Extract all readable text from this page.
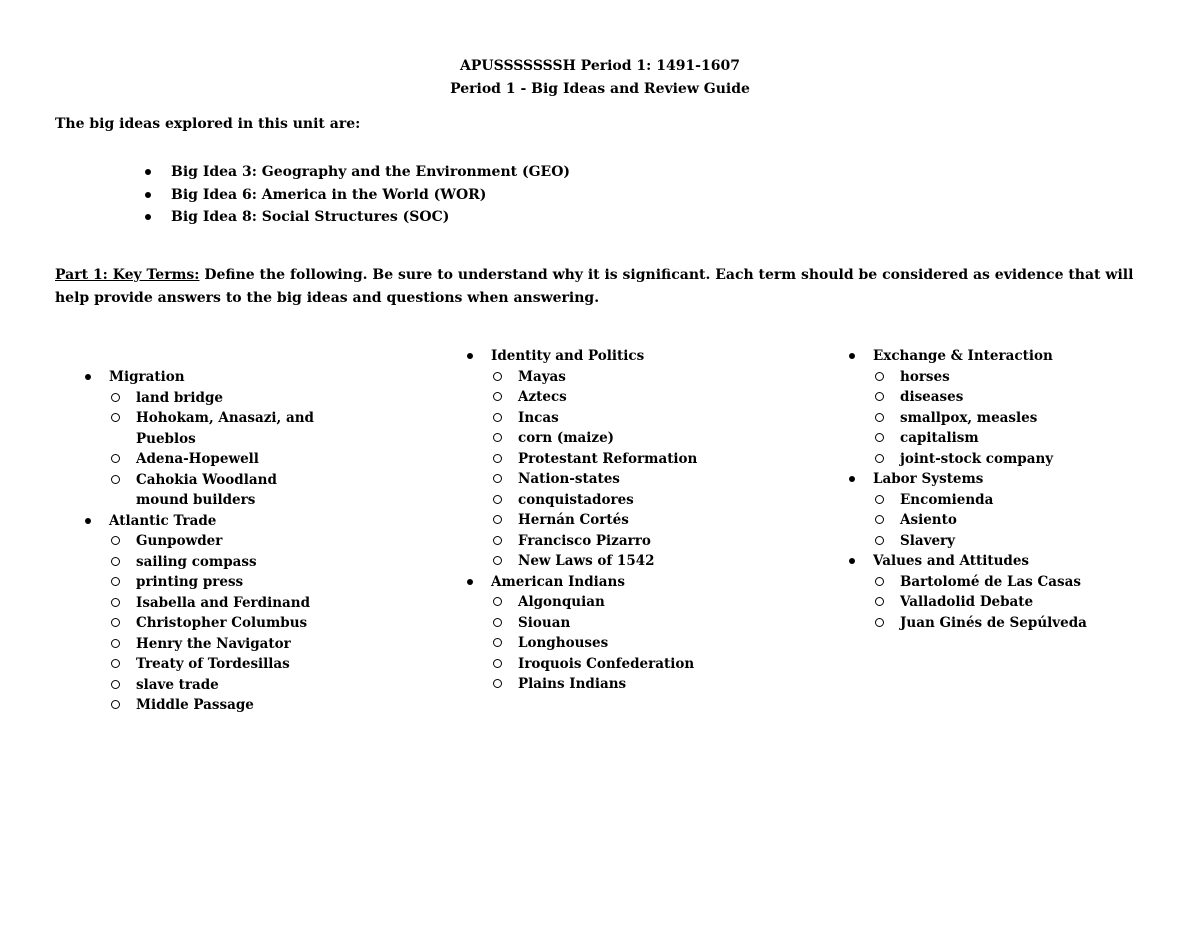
APUSSSSSSSH Period 1: 1491-1607
Period 1 - Big Ideas and Review Guide
The big ideas explored in this unit are:
Big Idea 3: Geography and the Environment (GEO)
Big Idea 6: America in the World (WOR)
Big Idea 8: Social Structures (SOC)
Part 1: Key Terms: Define the following. Be sure to understand why it is significant. Each term should be considered as evidence that will help provide answers to the big ideas and questions when answering.
Migration
land bridge
Hohokam, Anasazi, and Pueblos
Adena-Hopewell
Cahokia Woodland mound builders
Atlantic Trade
Gunpowder
sailing compass
printing press
Isabella and Ferdinand
Christopher Columbus
Henry the Navigator
Treaty of Tordesillas
slave trade
Middle Passage
Identity and Politics
Mayas
Aztecs
Incas
corn (maize)
Protestant Reformation
Nation-states
conquistadores
Hernán Cortés
Francisco Pizarro
New Laws of 1542
American Indians
Algonquian
Siouan
Longhouses
Iroquois Confederation
Plains Indians
Exchange & Interaction
horses
diseases
smallpox, measles
capitalism
joint-stock company
Labor Systems
Encomienda
Asiento
Slavery
Values and Attitudes
Bartolomé de Las Casas
Valladolid Debate
Juan Ginés de Sepúlveda
